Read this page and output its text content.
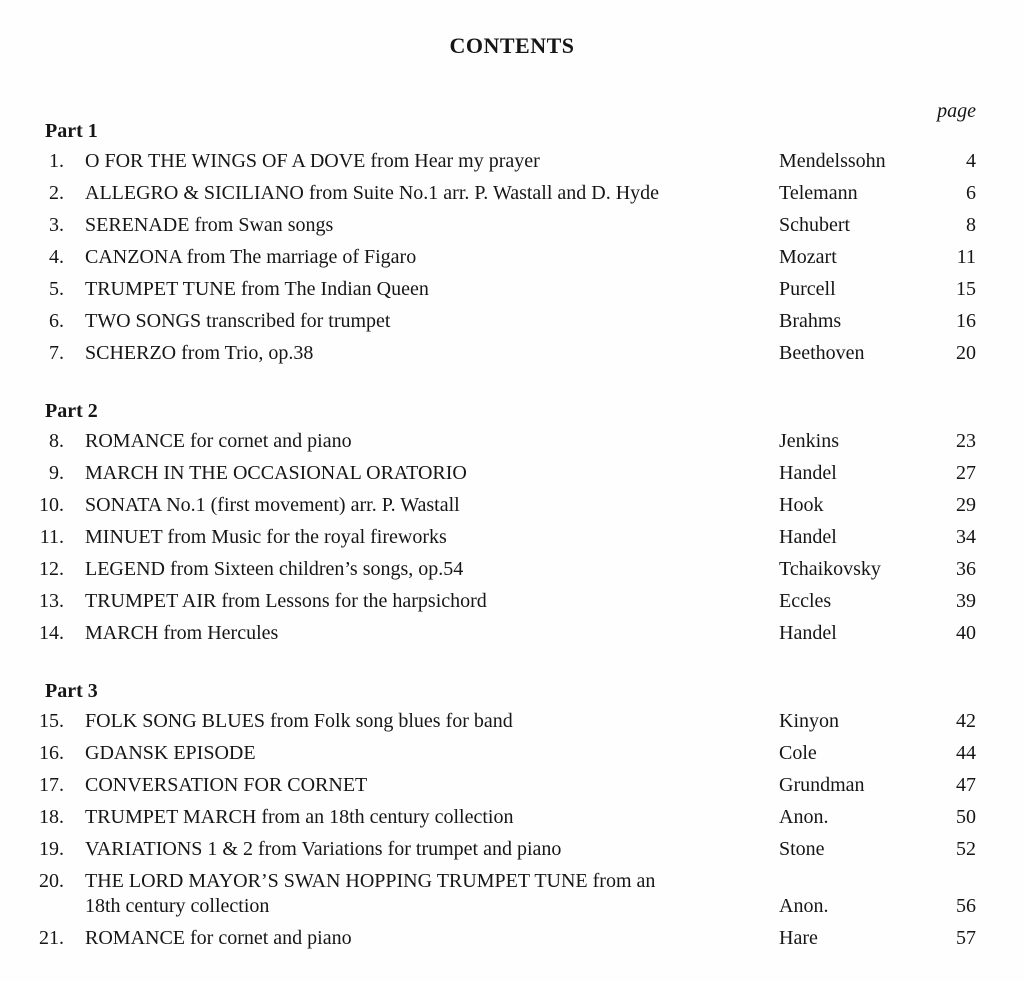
CONTENTS
page
Part 1
1. O FOR THE WINGS OF A DOVE from Hear my prayer	Mendelssohn	4
2. ALLEGRO & SICILIANO from Suite No.1 arr. P. Wastall and D. Hyde	Telemann	6
3. SERENADE from Swan songs	Schubert	8
4. CANZONA from The marriage of Figaro	Mozart	11
5. TRUMPET TUNE from The Indian Queen	Purcell	15
6. TWO SONGS transcribed for trumpet	Brahms	16
7. SCHERZO from Trio, op.38	Beethoven	20
Part 2
8. ROMANCE for cornet and piano	Jenkins	23
9. MARCH IN THE OCCASIONAL ORATORIO	Handel	27
10. SONATA No.1 (first movement) arr. P. Wastall	Hook	29
11. MINUET from Music for the royal fireworks	Handel	34
12. LEGEND from Sixteen children’s songs, op.54	Tchaikovsky	36
13. TRUMPET AIR from Lessons for the harpsichord	Eccles	39
14. MARCH from Hercules	Handel	40
Part 3
15. FOLK SONG BLUES from Folk song blues for band	Kinyon	42
16. GDANSK EPISODE	Cole	44
17. CONVERSATION FOR CORNET	Grundman	47
18. TRUMPET MARCH from an 18th century collection	Anon.	50
19. VARIATIONS 1 & 2 from Variations for trumpet and piano	Stone	52
20. THE LORD MAYOR’S SWAN HOPPING TRUMPET TUNE from an
18th century collection	Anon.	56
21. ROMANCE for cornet and piano	Hare	57
